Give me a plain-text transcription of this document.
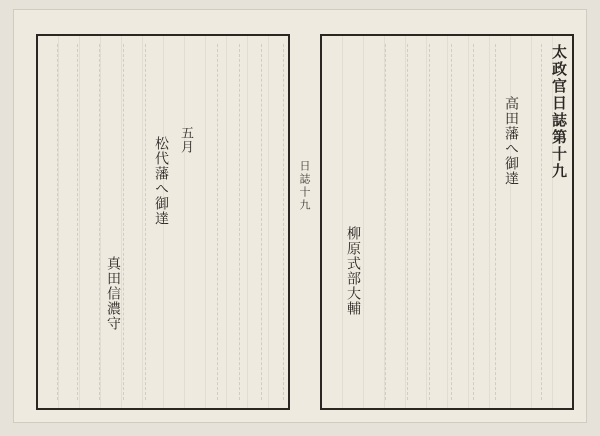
太政官日誌第十九
高田藩へ御達
柳原式部大輔
日誌十九
五月
松代藩へ御達
真田信濃守
